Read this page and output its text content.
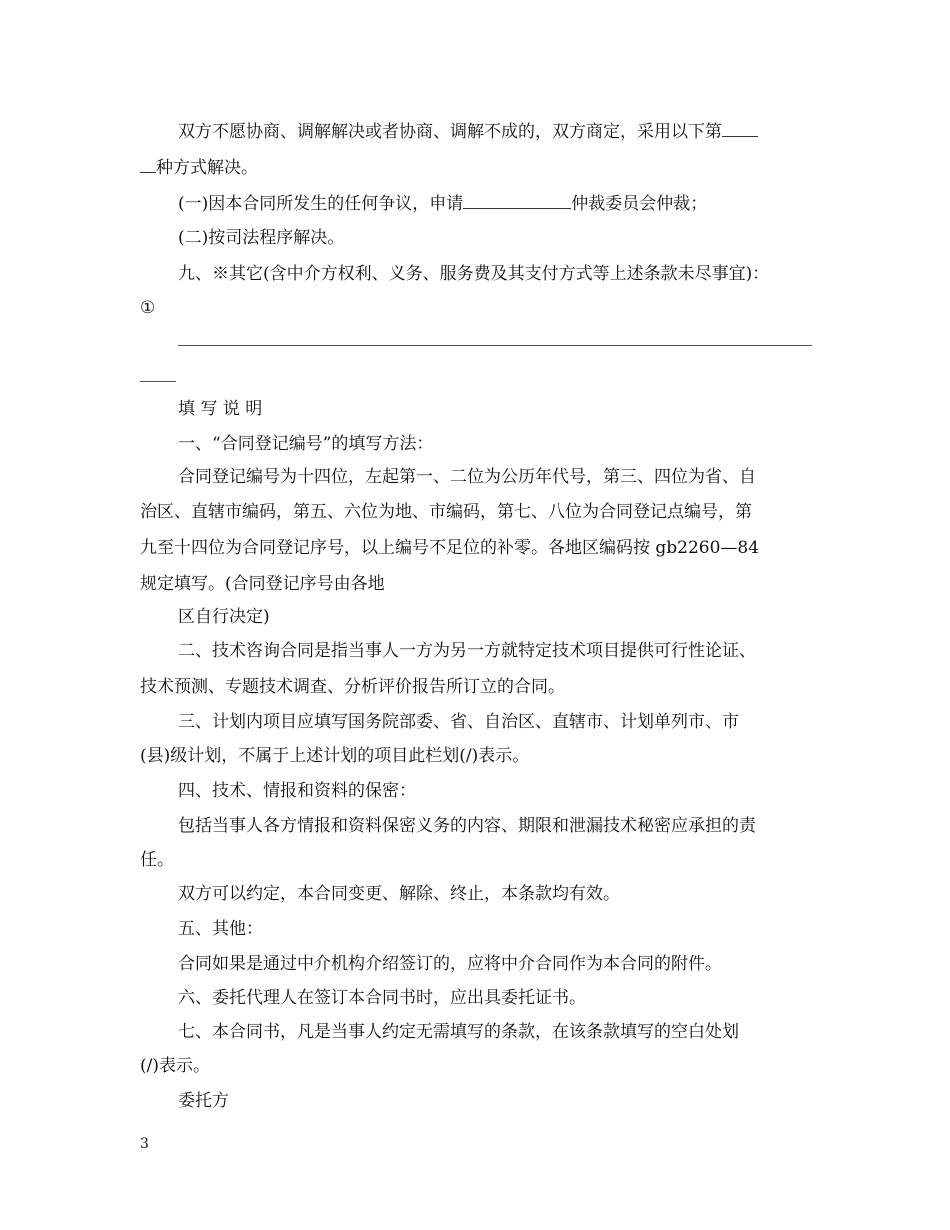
双方不愿协商、调解解决或者协商、调解不成的，双方商定，采用以下第
种方式解决。
(一)因本合同所发生的任何争议，申请	仲裁委员会仲裁；
(二)按司法程序解决。
九、※其它(含中介方权利、义务、服务费及其支付方式等上述条款未尽事宜)：
①
填 写 说 明
一、“合同登记编号”的填写方法：
合同登记编号为十四位，左起第一、二位为公历年代号，第三、四位为省、自
治区、直辖市编码，第五、六位为地、市编码，第七、八位为合同登记点编号，第
九至十四位为合同登记序号，以上编号不足位的补零。各地区编码按 gb2260—84
规定填写。(合同登记序号由各地
区自行决定)
二、技术咨询合同是指当事人一方为另一方就特定技术项目提供可行性论证、
技术预测、专题技术调查、分析评价报告所订立的合同。
三、计划内项目应填写国务院部委、省、自治区、直辖市、计划单列市、市
(县)级计划，不属于上述计划的项目此栏划(/)表示。
四、技术、情报和资料的保密：
包括当事人各方情报和资料保密义务的内容、期限和泄漏技术秘密应承担的责
任。
双方可以约定，本合同变更、解除、终止，本条款均有效。
五、其他：
合同如果是通过中介机构介绍签订的，应将中介合同作为本合同的附件。
六、委托代理人在签订本合同书时，应出具委托证书。
七、本合同书，凡是当事人约定无需填写的条款，在该条款填写的空白处划
(/)表示。
委托方
3
